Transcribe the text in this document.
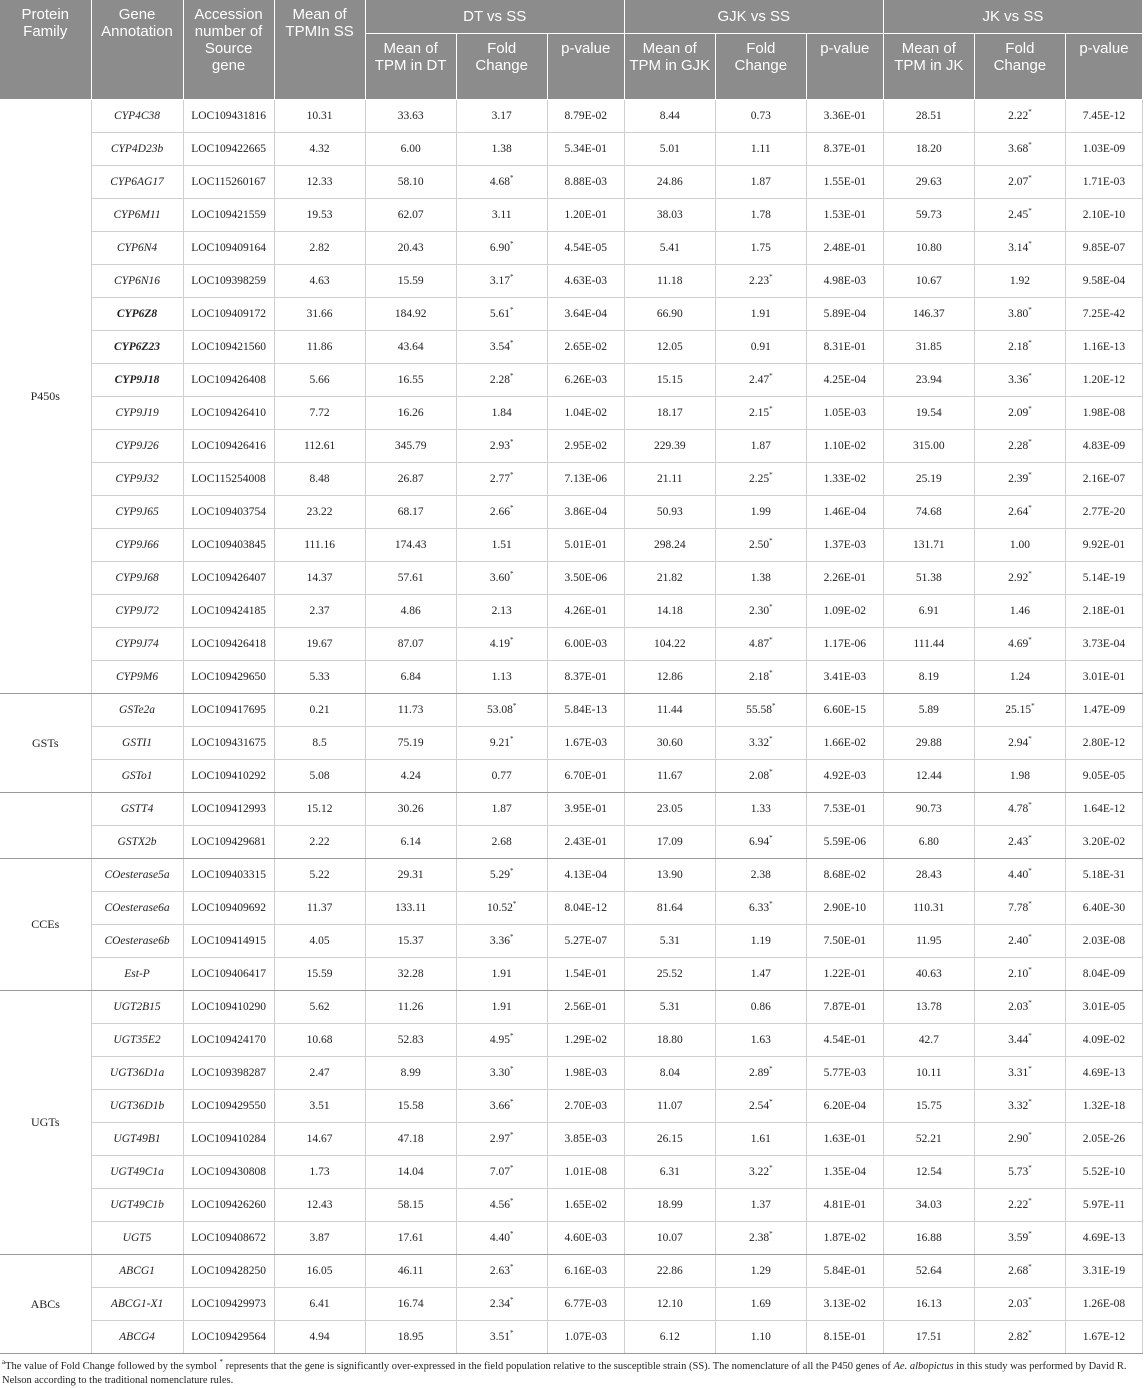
Protein Family	Gene Annotation	Accession number of Source gene	Mean of TPMIn SS	DT vs SS			GJK vs SS			JK vs SS		
				Mean of TPM in DT	Fold Change	p-value	Mean of TPM in GJK	Fold Change	p-value	Mean of TPM in JK	Fold Change	p-value
P450s	CYP4C38	LOC109431816	10.31	33.63	3.17	8.79E-02	8.44	0.73	3.36E-01	28.51	2.22*	7.45E-12
	CYP4D23b	LOC109422665	4.32	6.00	1.38	5.34E-01	5.01	1.11	8.37E-01	18.20	3.68*	1.03E-09
	CYP6AG17	LOC115260167	12.33	58.10	4.68*	8.88E-03	24.86	1.87	1.55E-01	29.63	2.07*	1.71E-03
	CYP6M11	LOC109421559	19.53	62.07	3.11	1.20E-01	38.03	1.78	1.53E-01	59.73	2.45*	2.10E-10
	CYP6N4	LOC109409164	2.82	20.43	6.90*	4.54E-05	5.41	1.75	2.48E-01	10.80	3.14*	9.85E-07
	CYP6N16	LOC109398259	4.63	15.59	3.17*	4.63E-03	11.18	2.23*	4.98E-03	10.67	1.92	9.58E-04
	CYP6Z8	LOC109409172	31.66	184.92	5.61*	3.64E-04	66.90	1.91	5.89E-04	146.37	3.80*	7.25E-42
	CYP6Z23	LOC109421560	11.86	43.64	3.54*	2.65E-02	12.05	0.91	8.31E-01	31.85	2.18*	1.16E-13
	CYP9J18	LOC109426408	5.66	16.55	2.28*	6.26E-03	15.15	2.47*	4.25E-04	23.94	3.36*	1.20E-12
	CYP9J19	LOC109426410	7.72	16.26	1.84	1.04E-02	18.17	2.15*	1.05E-03	19.54	2.09*	1.98E-08
	CYP9J26	LOC109426416	112.61	345.79	2.93*	2.95E-02	229.39	1.87	1.10E-02	315.00	2.28*	4.83E-09
	CYP9J32	LOC115254008	8.48	26.87	2.77*	7.13E-06	21.11	2.25*	1.33E-02	25.19	2.39*	2.16E-07
	CYP9J65	LOC109403754	23.22	68.17	2.66*	3.86E-04	50.93	1.99	1.46E-04	74.68	2.64*	2.77E-20
	CYP9J66	LOC109403845	111.16	174.43	1.51	5.01E-01	298.24	2.50*	1.37E-03	131.71	1.00	9.92E-01
	CYP9J68	LOC109426407	14.37	57.61	3.60*	3.50E-06	21.82	1.38	2.26E-01	51.38	2.92*	5.14E-19
	CYP9J72	LOC109424185	2.37	4.86	2.13	4.26E-01	14.18	2.30*	1.09E-02	6.91	1.46	2.18E-01
	CYP9J74	LOC109426418	19.67	87.07	4.19*	6.00E-03	104.22	4.87*	1.17E-06	111.44	4.69*	3.73E-04
	CYP9M6	LOC109429650	5.33	6.84	1.13	8.37E-01	12.86	2.18*	3.41E-03	8.19	1.24	3.01E-01
GSTs	GSTe2a	LOC109417695	0.21	11.73	53.08*	5.84E-13	11.44	55.58*	6.60E-15	5.89	25.15*	1.47E-09
	GSTI1	LOC109431675	8.5	75.19	9.21*	1.67E-03	30.60	3.32*	1.66E-02	29.88	2.94*	2.80E-12
	GSTo1	LOC109410292	5.08	4.24	0.77	6.70E-01	11.67	2.08*	4.92E-03	12.44	1.98	9.05E-05
	GSTT4	LOC109412993	15.12	30.26	1.87	3.95E-01	23.05	1.33	7.53E-01	90.73	4.78*	1.64E-12
	GSTX2b	LOC109429681	2.22	6.14	2.68	2.43E-01	17.09	6.94*	5.59E-06	6.80	2.43*	3.20E-02
CCEs	COesterase5a	LOC109403315	5.22	29.31	5.29*	4.13E-04	13.90	2.38	8.68E-02	28.43	4.40*	5.18E-31
	COesterase6a	LOC109409692	11.37	133.11	10.52*	8.04E-12	81.64	6.33*	2.90E-10	110.31	7.78*	6.40E-30
	COesterase6b	LOC109414915	4.05	15.37	3.36*	5.27E-07	5.31	1.19	7.50E-01	11.95	2.40*	2.03E-08
	Est-P	LOC109406417	15.59	32.28	1.91	1.54E-01	25.52	1.47	1.22E-01	40.63	2.10*	8.04E-09
UGTs	UGT2B15	LOC109410290	5.62	11.26	1.91	2.56E-01	5.31	0.86	7.87E-01	13.78	2.03*	3.01E-05
	UGT35E2	LOC109424170	10.68	52.83	4.95*	1.29E-02	18.80	1.63	4.54E-01	42.7	3.44*	4.09E-02
	UGT36D1a	LOC109398287	2.47	8.99	3.30*	1.98E-03	8.04	2.89*	5.77E-03	10.11	3.31*	4.69E-13
	UGT36D1b	LOC109429550	3.51	15.58	3.66*	2.70E-03	11.07	2.54*	6.20E-04	15.75	3.32*	1.32E-18
	UGT49B1	LOC109410284	14.67	47.18	2.97*	3.85E-03	26.15	1.61	1.63E-01	52.21	2.90*	2.05E-26
	UGT49C1a	LOC109430808	1.73	14.04	7.07*	1.01E-08	6.31	3.22*	1.35E-04	12.54	5.73*	5.52E-10
	UGT49C1b	LOC109426260	12.43	58.15	4.56*	1.65E-02	18.99	1.37	4.81E-01	34.03	2.22*	5.97E-11
	UGT5	LOC109408672	3.87	17.61	4.40*	4.60E-03	10.07	2.38*	1.87E-02	16.88	3.59*	4.69E-13
ABCs	ABCG1	LOC109428250	16.05	46.11	2.63*	6.16E-03	22.86	1.29	5.84E-01	52.64	2.68*	3.31E-19
	ABCG1-X1	LOC109429973	6.41	16.74	2.34*	6.77E-03	12.10	1.69	3.13E-02	16.13	2.03*	1.26E-08
	ABCG4	LOC109429564	4.94	18.95	3.51*	1.07E-03	6.12	1.10	8.15E-01	17.51	2.82*	1.67E-12
$^a$The value of Fold Change followed by the symbol * represents that the gene is significantly over-expressed in the field population relative to the susceptible strain (SS). The nomenclature of all the P450 genes of Ae. albopictus in this study was performed by David R. Nelson according to the traditional nomenclature rules.
